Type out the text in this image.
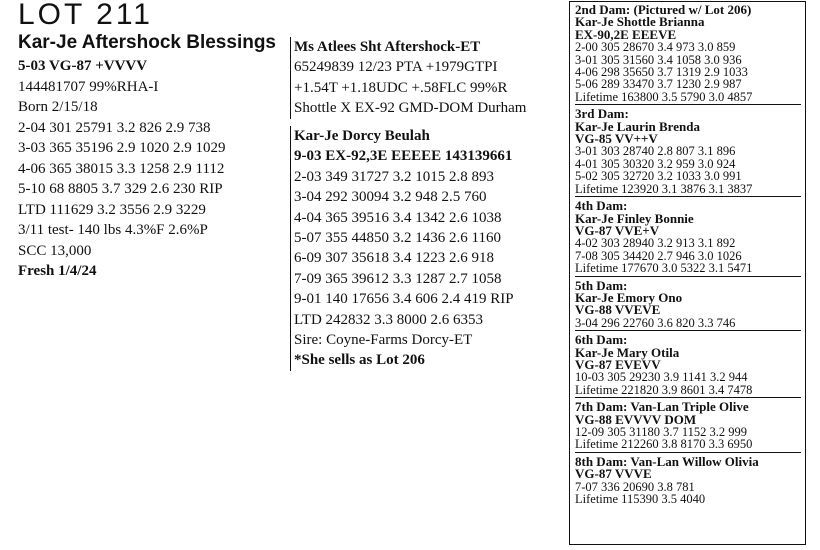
LOT 211
Kar-Je Aftershock Blessings
5-03 VG-87 +VVVV
144481707 99%RHA-I
Born 2/15/18
2-04 301 25791 3.2 826 2.9 738
3-03 365 35196 2.9 1020 2.9 1029
4-06 365 38015 3.3 1258 2.9 1112
5-10 68 8805 3.7 329 2.6 230 RIP
LTD 111629 3.2 3556 2.9 3229
3/11 test- 140 lbs 4.3%F 2.6%P
SCC 13,000
Fresh 1/4/24
Ms Atlees Sht Aftershock-ET
65249839 12/23 PTA +1979GTPI
+1.54T +1.18UDC +.58FLC 99%R
Shottle X EX-92 GMD-DOM Durham
Kar-Je Dorcy Beulah
9-03 EX-92,3E EEEEE 143139661
2-03 349 31727 3.2 1015 2.8 893
3-04 292 30094 3.2 948 2.5 760
4-04 365 39516 3.4 1342 2.6 1038
5-07 355 44850 3.2 1436 2.6 1160
6-09 307 35618 3.4 1223 2.6 918
7-09 365 39612 3.3 1287 2.7 1058
9-01 140 17656 3.4 606 2.4 419 RIP
LTD 242832 3.3 8000 2.6 6353
Sire: Coyne-Farms Dorcy-ET
*She sells as Lot 206
2nd Dam: (Pictured w/ Lot 206)
Kar-Je Shottle Brianna
EX-90,2E EEEVE
2-00 305 28670 3.4 973 3.0 859
3-01 305 31560 3.4 1058 3.0 936
4-06 298 35650 3.7 1319 2.9 1033
5-06 289 33470 3.7 1230 2.9 987
Lifetime 163800 3.5 5790 3.0 4857
3rd Dam:
Kar-Je Laurin Brenda
VG-85 VV++V
3-01 303 28740 2.8 807 3.1 896
4-01 305 30320 3.2 959 3.0 924
5-02 305 32720 3.2 1033 3.0 991
Lifetime 123920 3.1 3876 3.1 3837
4th Dam:
Kar-Je Finley Bonnie
VG-87 VVE+V
4-02 303 28940 3.2 913 3.1 892
7-08 305 34420 2.7 946 3.0 1026
Lifetime 177670 3.0 5322 3.1 5471
5th Dam:
Kar-Je Emory Ono
VG-88 VVEVE
3-04 296 22760 3.6 820 3.3 746
6th Dam:
Kar-Je Mary Otila
VG-87 EVEVV
10-03 305 29230 3.9 1141 3.2 944
Lifetime 221820 3.9 8601 3.4 7478
7th Dam: Van-Lan Triple Olive
VG-88 EVVVV DOM
12-09 305 31180 3.7 1152 3.2 999
Lifetime 212260 3.8 8170 3.3 6950
8th Dam: Van-Lan Willow Olivia
VG-87 VVVE
7-07 336 20690 3.8 781
Lifetime 115390 3.5 4040
